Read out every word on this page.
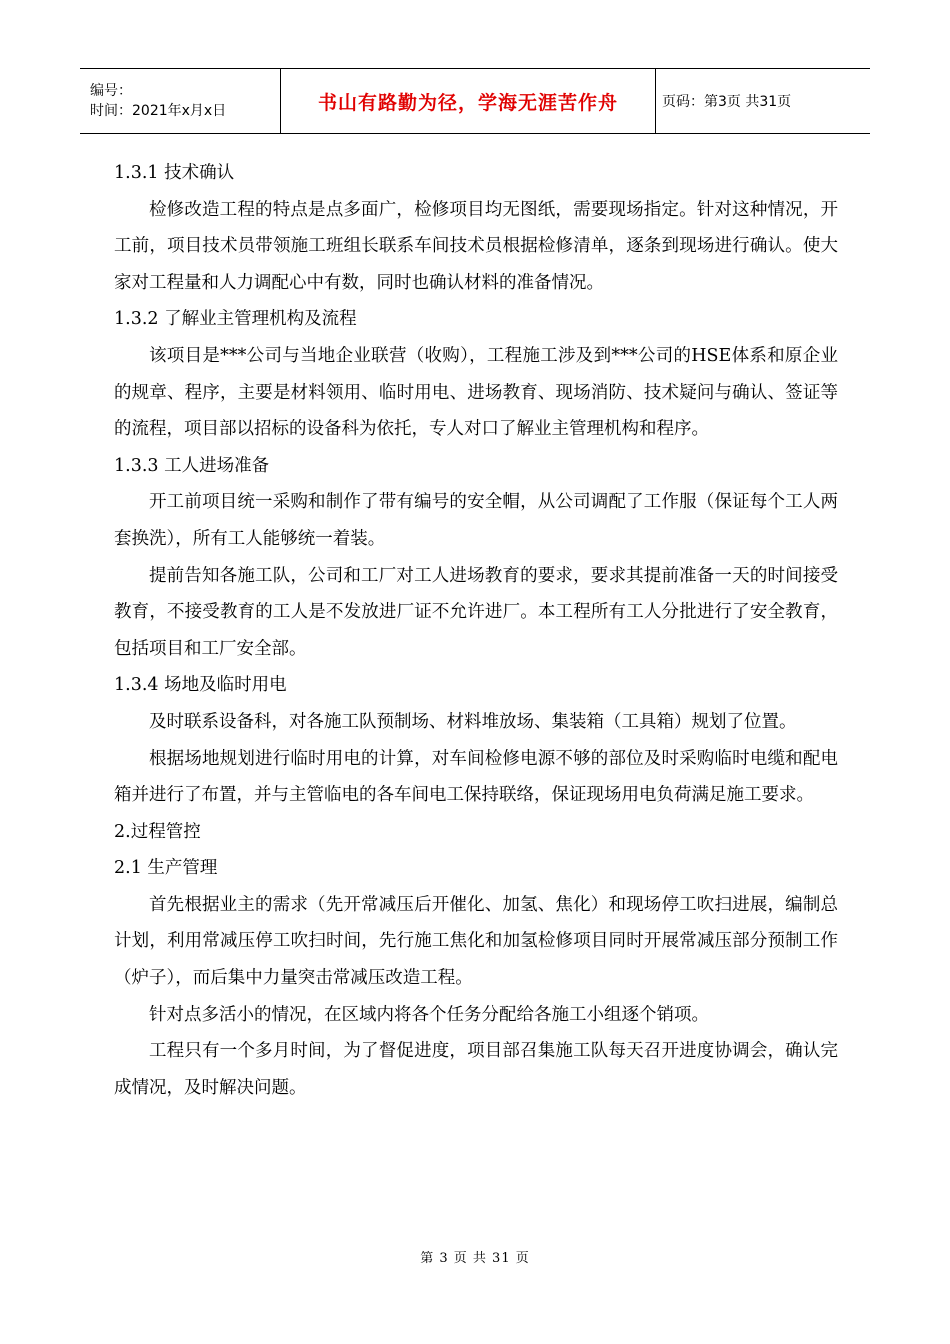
编号：
时间：2021年x月x日	书山有路勤为径，学海无涯苦作舟	页码：第3页 共31页

1.3.1 技术确认

检修改造工程的特点是点多面广，检修项目均无图纸，需要现场指定。针对这种情况，开工前，项目技术员带领施工班组长联系车间技术员根据检修清单，逐条到现场进行确认。使大家对工程量和人力调配心中有数，同时也确认材料的准备情况。

1.3.2 了解业主管理机构及流程

该项目是***公司与当地企业联营（收购），工程施工涉及到***公司的HSE体系和原企业的规章、程序，主要是材料领用、临时用电、进场教育、现场消防、技术疑问与确认、签证等的流程，项目部以招标的设备科为依托，专人对口了解业主管理机构和程序。

1.3.3 工人进场准备

开工前项目统一采购和制作了带有编号的安全帽，从公司调配了工作服（保证每个工人两套换洗），所有工人能够统一着装。

提前告知各施工队，公司和工厂对工人进场教育的要求，要求其提前准备一天的时间接受教育，不接受教育的工人是不发放进厂证不允许进厂。本工程所有工人分批进行了安全教育，包括项目和工厂安全部。

1.3.4 场地及临时用电

及时联系设备科，对各施工队预制场、材料堆放场、集装箱（工具箱）规划了位置。

根据场地规划进行临时用电的计算，对车间检修电源不够的部位及时采购临时电缆和配电箱并进行了布置，并与主管临电的各车间电工保持联络，保证现场用电负荷满足施工要求。

2.过程管控

2.1 生产管理

首先根据业主的需求（先开常减压后开催化、加氢、焦化）和现场停工吹扫进展，编制总计划，利用常减压停工吹扫时间，先行施工焦化和加氢检修项目同时开展常减压部分预制工作（炉子），而后集中力量突击常减压改造工程。

针对点多活小的情况，在区域内将各个任务分配给各施工小组逐个销项。

工程只有一个多月时间，为了督促进度，项目部召集施工队每天召开进度协调会，确认完成情况，及时解决问题。

第 3 页 共 31 页
